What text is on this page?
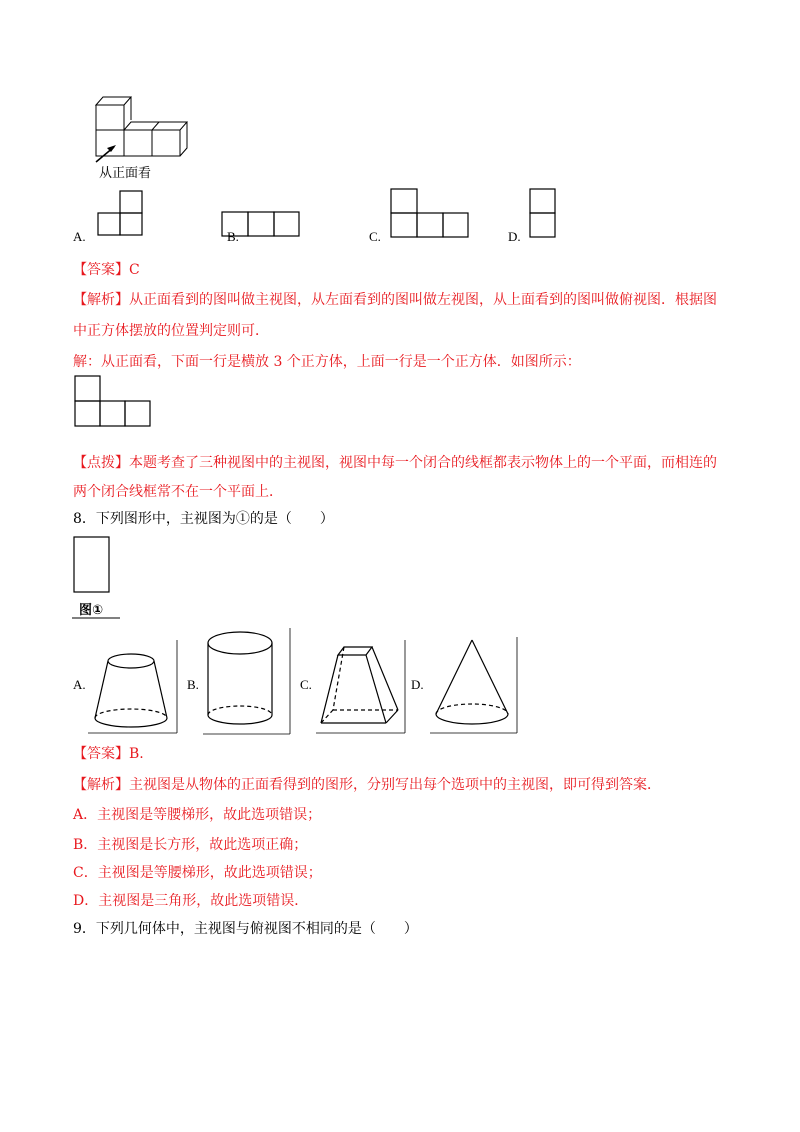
从正面看
A.	B.	C.	D.
【答案】C
【解析】从正面看到的图叫做主视图，从左面看到的图叫做左视图，从上面看到的图叫做俯视图．根据图
中正方体摆放的位置判定则可．
解：从正面看，下面一行是横放 3 个正方体，上面一行是一个正方体．如图所示：
【点拨】本题考查了三种视图中的主视图，视图中每一个闭合的线框都表示物体上的一个平面，而相连的
两个闭合线框常不在一个平面上．
8．下列图形中，主视图为①的是（　　）
图①
A.	B.	C.	D.
【答案】B.
【解析】主视图是从物体的正面看得到的图形，分别写出每个选项中的主视图，即可得到答案．
A．主视图是等腰梯形，故此选项错误；
B．主视图是长方形，故此选项正确；
C．主视图是等腰梯形，故此选项错误；
D．主视图是三角形，故此选项错误．
9．下列几何体中，主视图与俯视图不相同的是（　　）
